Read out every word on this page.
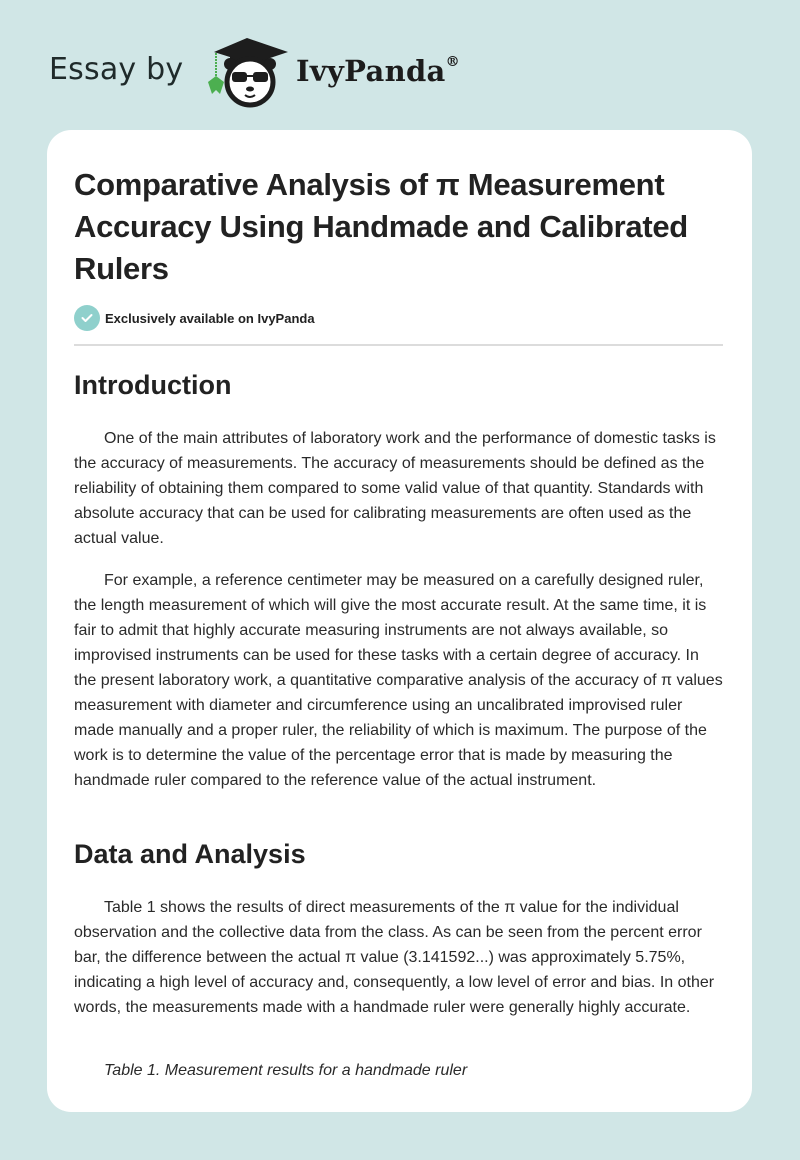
Essay by	IvyPanda®
Comparative Analysis of π Measurement Accuracy Using Handmade and Calibrated Rulers
Exclusively available on IvyPanda
Introduction

One of the main attributes of laboratory work and the performance of domestic tasks is the accuracy of measurements. The accuracy of measurements should be defined as the reliability of obtaining them compared to some valid value of that quantity. Standards with absolute accuracy that can be used for calibrating measurements are often used as the actual value.

For example, a reference centimeter may be measured on a carefully designed ruler, the length measurement of which will give the most accurate result. At the same time, it is fair to admit that highly accurate measuring instruments are not always available, so improvised instruments can be used for these tasks with a certain degree of accuracy. In the present laboratory work, a quantitative comparative analysis of the accuracy of π values measurement with diameter and circumference using an uncalibrated improvised ruler made manually and a proper ruler, the reliability of which is maximum. The purpose of the work is to determine the value of the percentage error that is made by measuring the handmade ruler compared to the reference value of the actual instrument.

Data and Analysis

Table 1 shows the results of direct measurements of the π value for the individual observation and the collective data from the class. As can be seen from the percent error bar, the difference between the actual π value (3.141592...) was approximately 5.75%, indicating a high level of accuracy and, consequently, a low level of error and bias. In other words, the measurements made with a handmade ruler were generally highly accurate.

Table 1. Measurement results for a handmade ruler
